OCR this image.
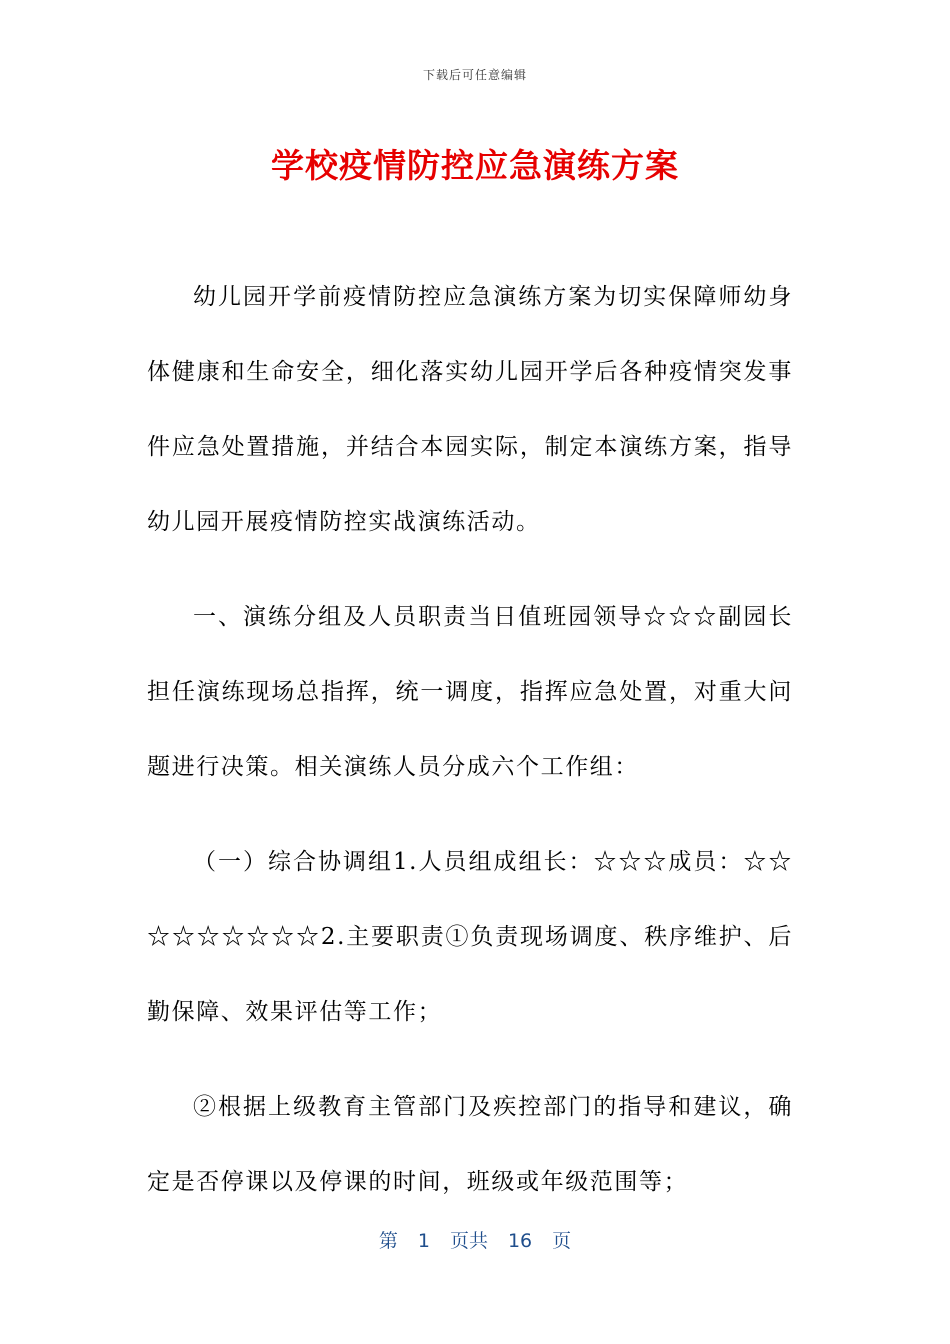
下载后可任意编辑
学校疫情防控应急演练方案

幼儿园开学前疫情防控应急演练方案为切实保障师幼身体健康和生命安全，细化落实幼儿园开学后各种疫情突发事件应急处置措施，并结合本园实际，制定本演练方案，指导幼儿园开展疫情防控实战演练活动。

一、演练分组及人员职责当日值班园领导☆☆☆副园长担任演练现场总指挥，统一调度，指挥应急处置，对重大问题进行决策。相关演练人员分成六个工作组：

（一）综合协调组1.人员组成组长：☆☆☆成员：☆☆☆☆☆☆☆☆☆2.主要职责①负责现场调度、秩序维护、后勤保障、效果评估等工作；

②根据上级教育主管部门及疾控部门的指导和建议，确定是否停课以及停课的时间，班级或年级范围等；

第 1 页共 16 页
